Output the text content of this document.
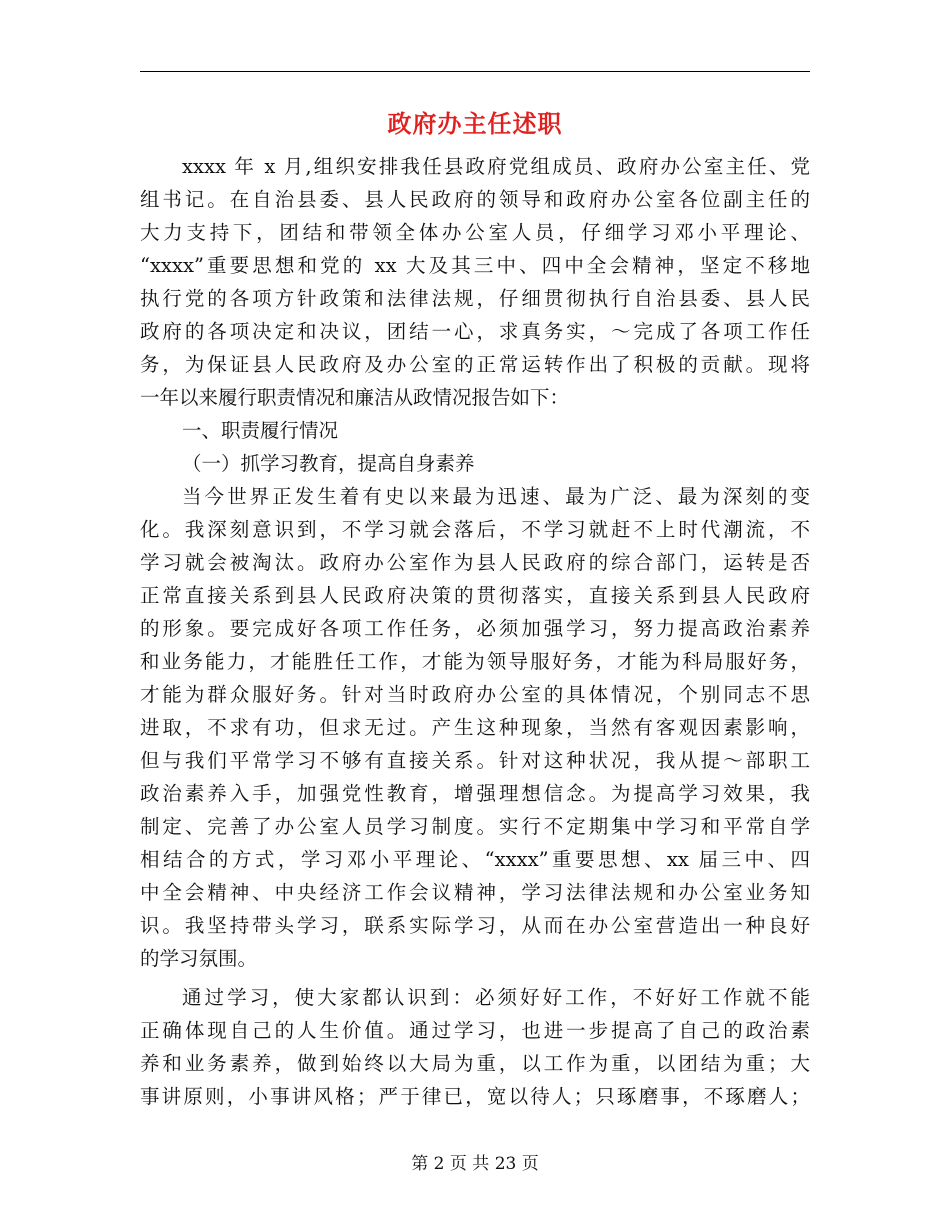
政府办主任述职
xxxx 年 x 月,组织安排我任县政府党组成员、政府办公室主任、党
组书记。在自治县委、县人民政府的领导和政府办公室各位副主任的
大力支持下，团结和带领全体办公室人员，仔细学习邓小平理论、
“xxxx”重要思想和党的 xx 大及其三中、四中全会精神，坚定不移地
执行党的各项方针政策和法律法规，仔细贯彻执行自治县委、县人民
政府的各项决定和决议，团结一心，求真务实，～完成了各项工作任
务，为保证县人民政府及办公室的正常运转作出了积极的贡献。现将
一年以来履行职责情况和廉洁从政情况报告如下：
一、职责履行情况
（一）抓学习教育，提高自身素养
当今世界正发生着有史以来最为迅速、最为广泛、最为深刻的变
化。我深刻意识到，不学习就会落后，不学习就赶不上时代潮流，不
学习就会被淘汰。政府办公室作为县人民政府的综合部门，运转是否
正常直接关系到县人民政府决策的贯彻落实，直接关系到县人民政府
的形象。要完成好各项工作任务，必须加强学习，努力提高政治素养
和业务能力，才能胜任工作，才能为领导服好务，才能为科局服好务，
才能为群众服好务。针对当时政府办公室的具体情况，个别同志不思
进取，不求有功，但求无过。产生这种现象，当然有客观因素影响，
但与我们平常学习不够有直接关系。针对这种状况，我从提～部职工
政治素养入手，加强党性教育，增强理想信念。为提高学习效果，我
制定、完善了办公室人员学习制度。实行不定期集中学习和平常自学
相结合的方式，学习邓小平理论、“xxxx”重要思想、xx 届三中、四
中全会精神、中央经济工作会议精神，学习法律法规和办公室业务知
识。我坚持带头学习，联系实际学习，从而在办公室营造出一种良好
的学习氛围。
通过学习，使大家都认识到：必须好好工作，不好好工作就不能
正确体现自己的人生价值。通过学习，也进一步提高了自己的政治素
养和业务素养，做到始终以大局为重，以工作为重，以团结为重；大
事讲原则，小事讲风格；严于律已，宽以待人；只琢磨事，不琢磨人；
第 2 页 共 23 页
